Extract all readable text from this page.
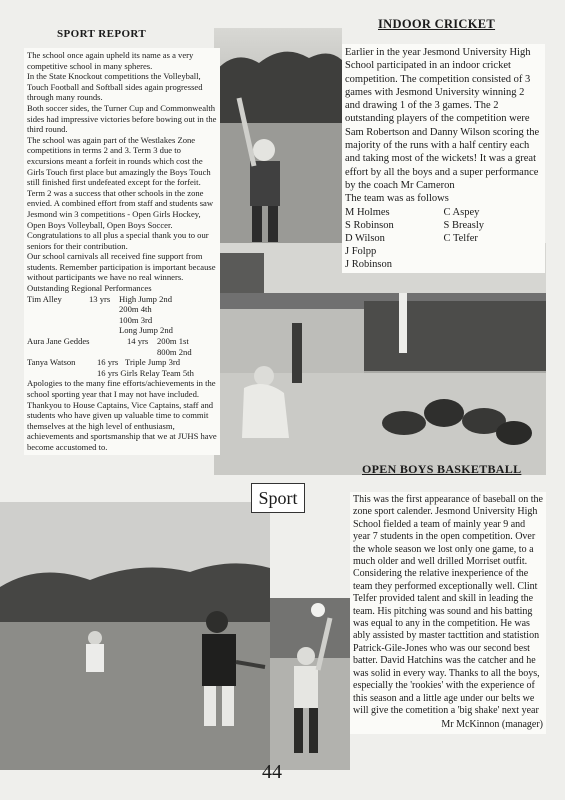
SPORT REPORT

The school once again upheld its name as a very competitive school in many spheres.

In the State Knockout competitions the Volleyball, Touch Football and Softball sides again progressed through many rounds.

Both soccer sides, the Turner Cup and Commonwealth sides had impressive victories before bowing out in the third round.

The school was again part of the Westlakes Zone competitions in terms 2 and 3. Term 3 due to excursions meant a forfeit in rounds which cost the Girls Touch first place but amazingly the Boys Touch still finished first undefeated except for the forfeit.

Term 2 was a success that other schools in the zone envied. A combined effort from staff and students saw Jesmond win 3 competitions - Open Girls Hockey, Open Boys Volleyball, Open Boys Soccer. Congratulations to all plus a special thank you to our seniors for their contribution.

Our school carnivals all received fine support from students. Remember participation is important because without participants we have no real winners.

Outstanding Regional Performances

Tim Alley	13 yrs	High Jump 2nd
200m 4th
100m 3rd
Long Jump 2nd
Aura Jane Geddes	14 yrs	200m 1st
800m 2nd
Tanya Watson	16 yrs Triple Jump 3rd
16 yrs Girls Relay Team 5th

Apologies to the many fine efforts/achievements in the school sporting year that I may not have included. Thankyou to House Captains, Vice Captains, staff and students who have given up valuable time to commit themselves at the high level of enthusiasm, achievements and sportsmanship that we at JUHS have become accustomed to.

INDOOR CRICKET

Earlier in the year Jesmond University High School participated in an indoor cricket competition. The competition consisted of 3 games with Jesmond University winning 2 and drawing 1 of the 3 games. The 2 outstanding players of the competition were Sam Robertson and Danny Wilson scoring the majority of the runs with a half centiry each and taking most of the wickets! It was a great effort by all the boys and a super performance by the coach Mr Cameron

The team was as follows

M Holmes	C Aspey
S Robinson	S Breasly
D Wilson	C Telfer
J Folpp
J Robinson
OPEN BOYS BASKETBALL

This was the first appearance of baseball on the zone sport calender. Jesmond University High School fielded a team of mainly year 9 and year 7 students in the open competition. Over the whole season we lost only one game, to a much older and well drilled Morriset outfit. Considering the relative inexperience of the team they performed exceptionally well. Clint Telfer provided talent and skill in leading the team. His pitching was sound and his batting was equal to any in the competition. He was ably assisted by master tacttition and statistion Patrick-Gile-Jones who was our second best batter. David Hatchins was the catcher and he was solid in every way. Thanks to all the boys, especially the 'rookies' with the experience of this season and a little age under our belts we will give the cometition a 'big shake' next year

Mr McKinnon (manager)

Sport
44
